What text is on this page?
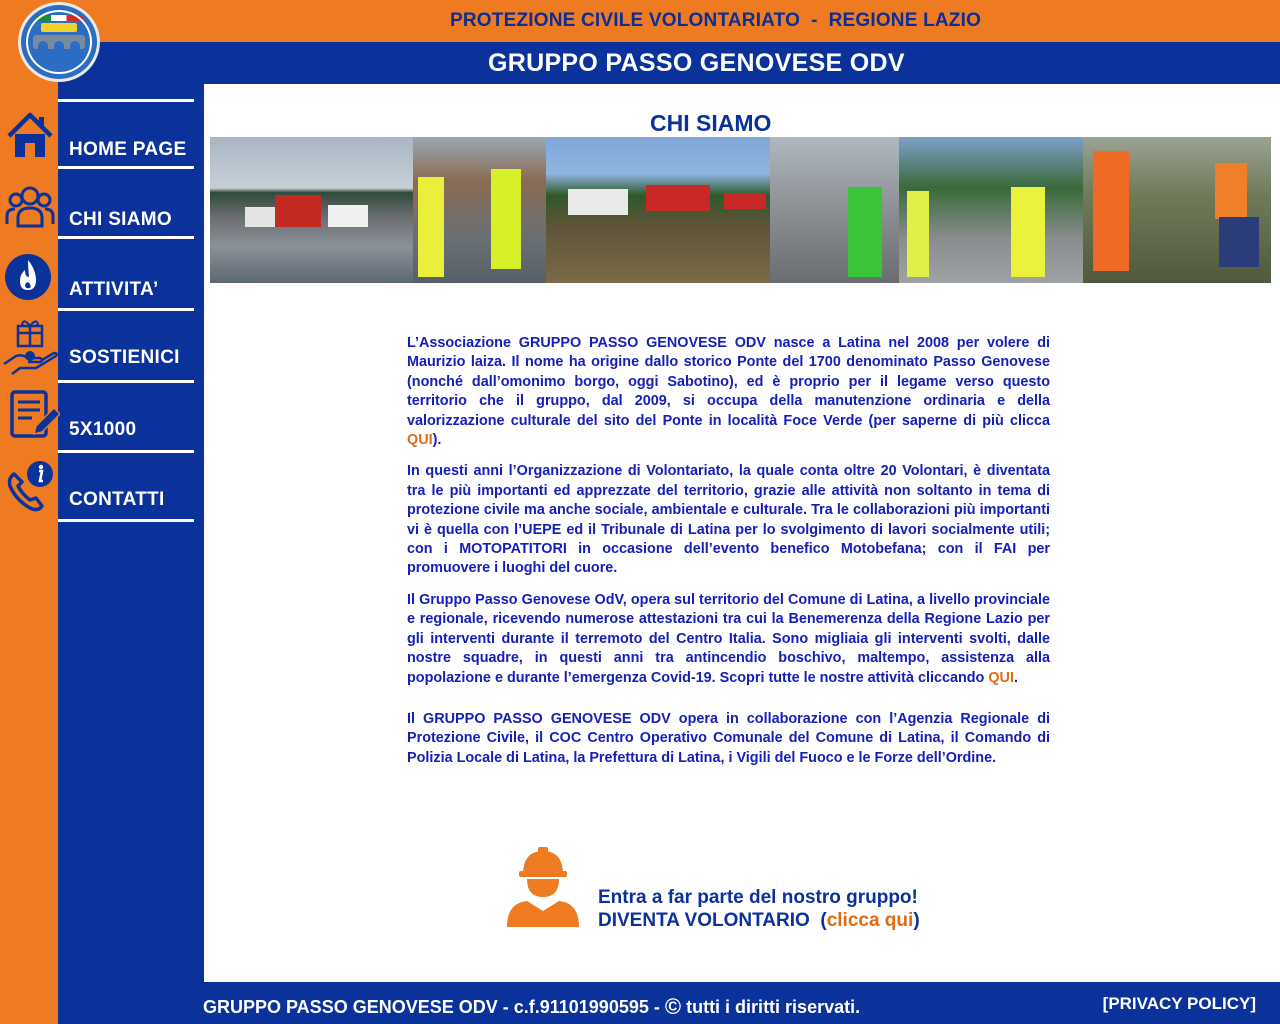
PROTEZIONE CIVILE VOLONTARIATO  -  REGIONE LAZIO
GRUPPO PASSO GENOVESE ODV
HOME PAGE
CHI SIAMO
ATTIVITA’
SOSTIENICI
5X1000
CONTATTI
CHI SIAMO

L’Associazione GRUPPO PASSO GENOVESE ODV nasce a Latina nel 2008 per volere di Maurizio laiza. Il nome ha origine dallo storico Ponte del 1700 denominato Passo Genovese (nonché dall’omonimo borgo, oggi Sabotino), ed è proprio per il legame verso questo territorio che il gruppo, dal 2009, si occupa della manutenzione ordinaria e della valorizzazione culturale del sito del Ponte in località Foce Verde (per saperne di più clicca QUI).

In questi anni l’Organizzazione di Volontariato, la quale conta oltre 20 Volontari, è diventata tra le più importanti ed apprezzate del territorio, grazie alle attività non soltanto in tema di protezione civile ma anche sociale, ambientale e culturale. Tra le collaborazioni più importanti vi è quella con l’UEPE ed il Tribunale di Latina per lo svolgimento di lavori socialmente utili; con i MOTOPATITORI in occasione dell’evento benefico Motobefana; con il FAI per promuovere i luoghi del cuore.

Il Gruppo Passo Genovese OdV, opera sul territorio del Comune di Latina, a livello provinciale e regionale, ricevendo numerose attestazioni tra cui la Benemerenza della Regione Lazio per gli interventi durante il terremoto del Centro Italia. Sono migliaia gli interventi svolti, dalle nostre squadre, in questi anni tra antincendio boschivo, maltempo, assistenza alla popolazione e durante l’emergenza Covid-19. Scopri tutte le nostre attività cliccando QUI.

Il GRUPPO PASSO GENOVESE ODV opera in collaborazione con l’Agenzia Regionale di Protezione Civile, il COC Centro Operativo Comunale del Comune di Latina, il Comando di Polizia Locale di Latina, la Prefettura di Latina, i Vigili del Fuoco e le Forze dell’Ordine.

Entra a far parte del nostro gruppo!
DIVENTA VOLONTARIO  (clicca qui)
GRUPPO PASSO GENOVESE ODV - c.f.91101990595 - © tutti i diritti riservati.	[PRIVACY POLICY]
